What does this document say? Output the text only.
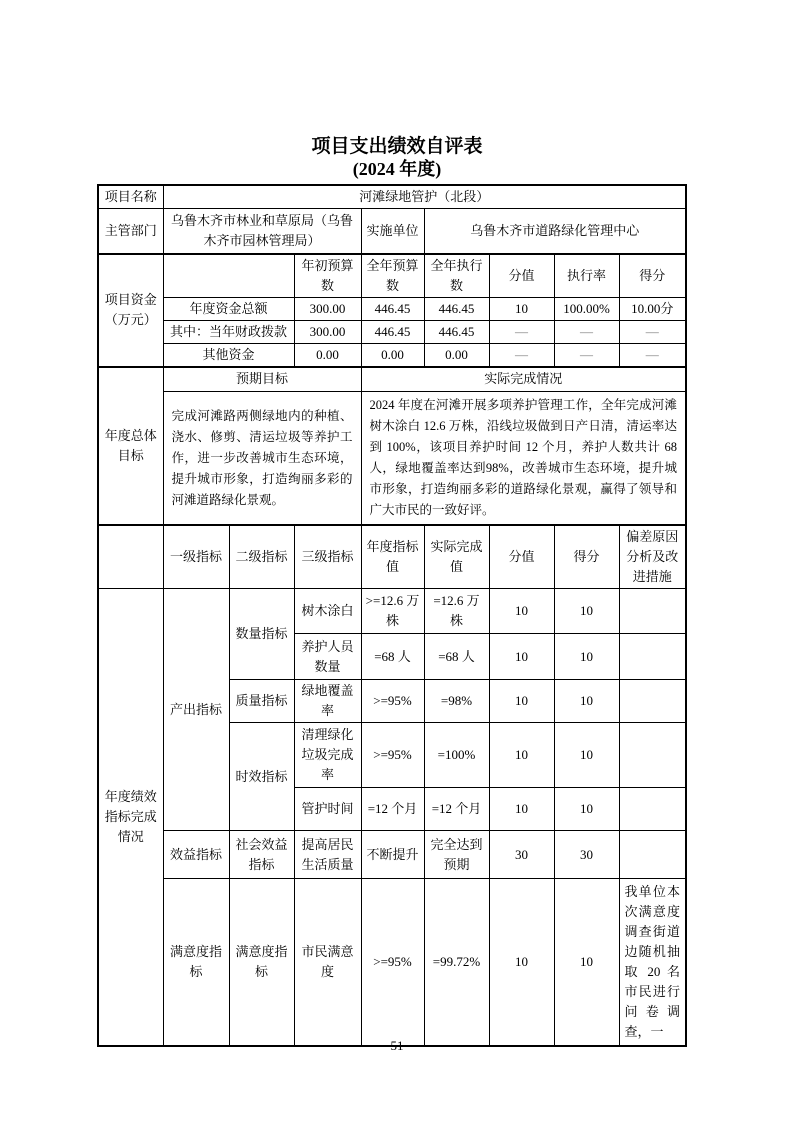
项目支出绩效自评表
(2024 年度)
项目名称	河滩绿地管护（北段）							
主管部门	乌鲁木齐市林业和草原局（乌鲁木齐市园林管理局）			实施单位	乌鲁木齐市道路绿化管理中心			
项目资金（万元）			年初预算数	全年预算数	全年执行数	分值	执行率	得分
	年度资金总额		300.00	446.45	446.45	10	100.00%	10.00分
	其中：当年财政拨款		300.00	446.45	446.45	—	—	—
	其他资金		0.00	0.00	0.00	—	—	—
年度总体目标	预期目标			实际完成情况				
	完成河滩路两侧绿地内的种植、浇水、修剪、清运垃圾等养护工作，进一步改善城市生态环境，提升城市形象，打造绚丽多彩的河滩道路绿化景观。			2024 年度在河滩开展多项养护管理工作，全年完成河滩树木涂白 12.6 万株，沿线垃圾做到日产日清，清运率达到 100%，该项目养护时间 12 个月，养护人数共计 68 人，绿地覆盖率达到98%，改善城市生态环境，提升城市形象，打造绚丽多彩的道路绿化景观，赢得了领导和广大市民的一致好评。				
	一级指标	二级指标	三级指标	年度指标值	实际完成值	分值	得分	偏差原因分析及改进措施
年度绩效指标完成情况	产出指标	数量指标	树木涂白	>=12.6 万株	=12.6 万株	10	10	
			养护人员数量	=68 人	=68 人	10	10	
		质量指标	绿地覆盖率	>=95%	=98%	10	10	
		时效指标	清理绿化垃圾完成率	>=95%	=100%	10	10	
			管护时间	=12 个月	=12 个月	10	10	
	效益指标	社会效益指标	提高居民生活质量	不断提升	完全达到预期	30	30	
	满意度指标	满意度指标	市民满意度	>=95%	=99.72%	10	10	我单位本次满意度调查街道边随机抽取 20 名市民进行问卷调查，一
51
